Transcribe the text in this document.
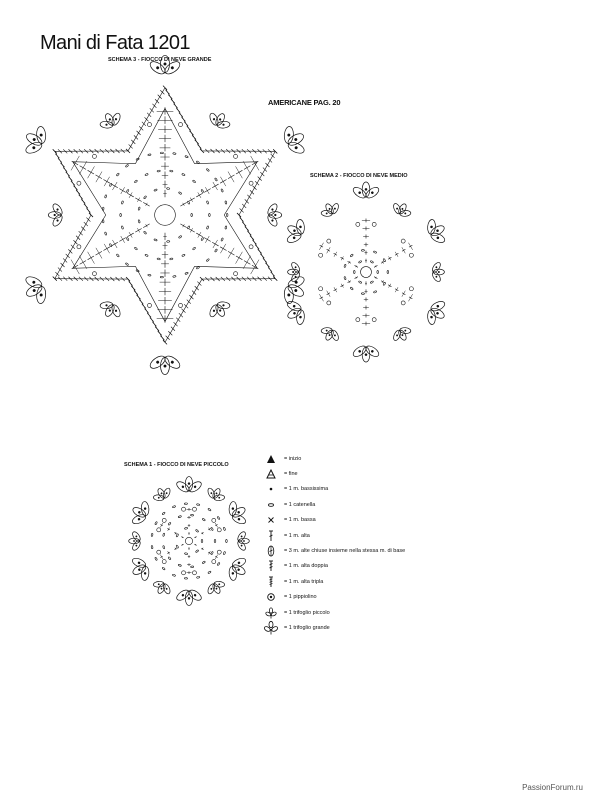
Mani di Fata 1201
SCHEMA 3 - FIOCCO DI NEVE GRANDE
AMERICANE PAG. 20
SCHEMA 2 - FIOCCO DI NEVE MEDIO
SCHEMA 1 - FIOCCO DI NEVE PICCOLO
= inizio
= fine
= 1 m. bassissima
= 1 catenella
= 1 m. bassa
= 1 m. alta
= 3 m. alte chiuse insieme nella stessa m. di base
= 1 m. alta doppia
= 1 m. alta tripla
= 1 pippiolino
= 1 trifoglio piccolo
= 1 trifoglio grande
PassionForum.ru
